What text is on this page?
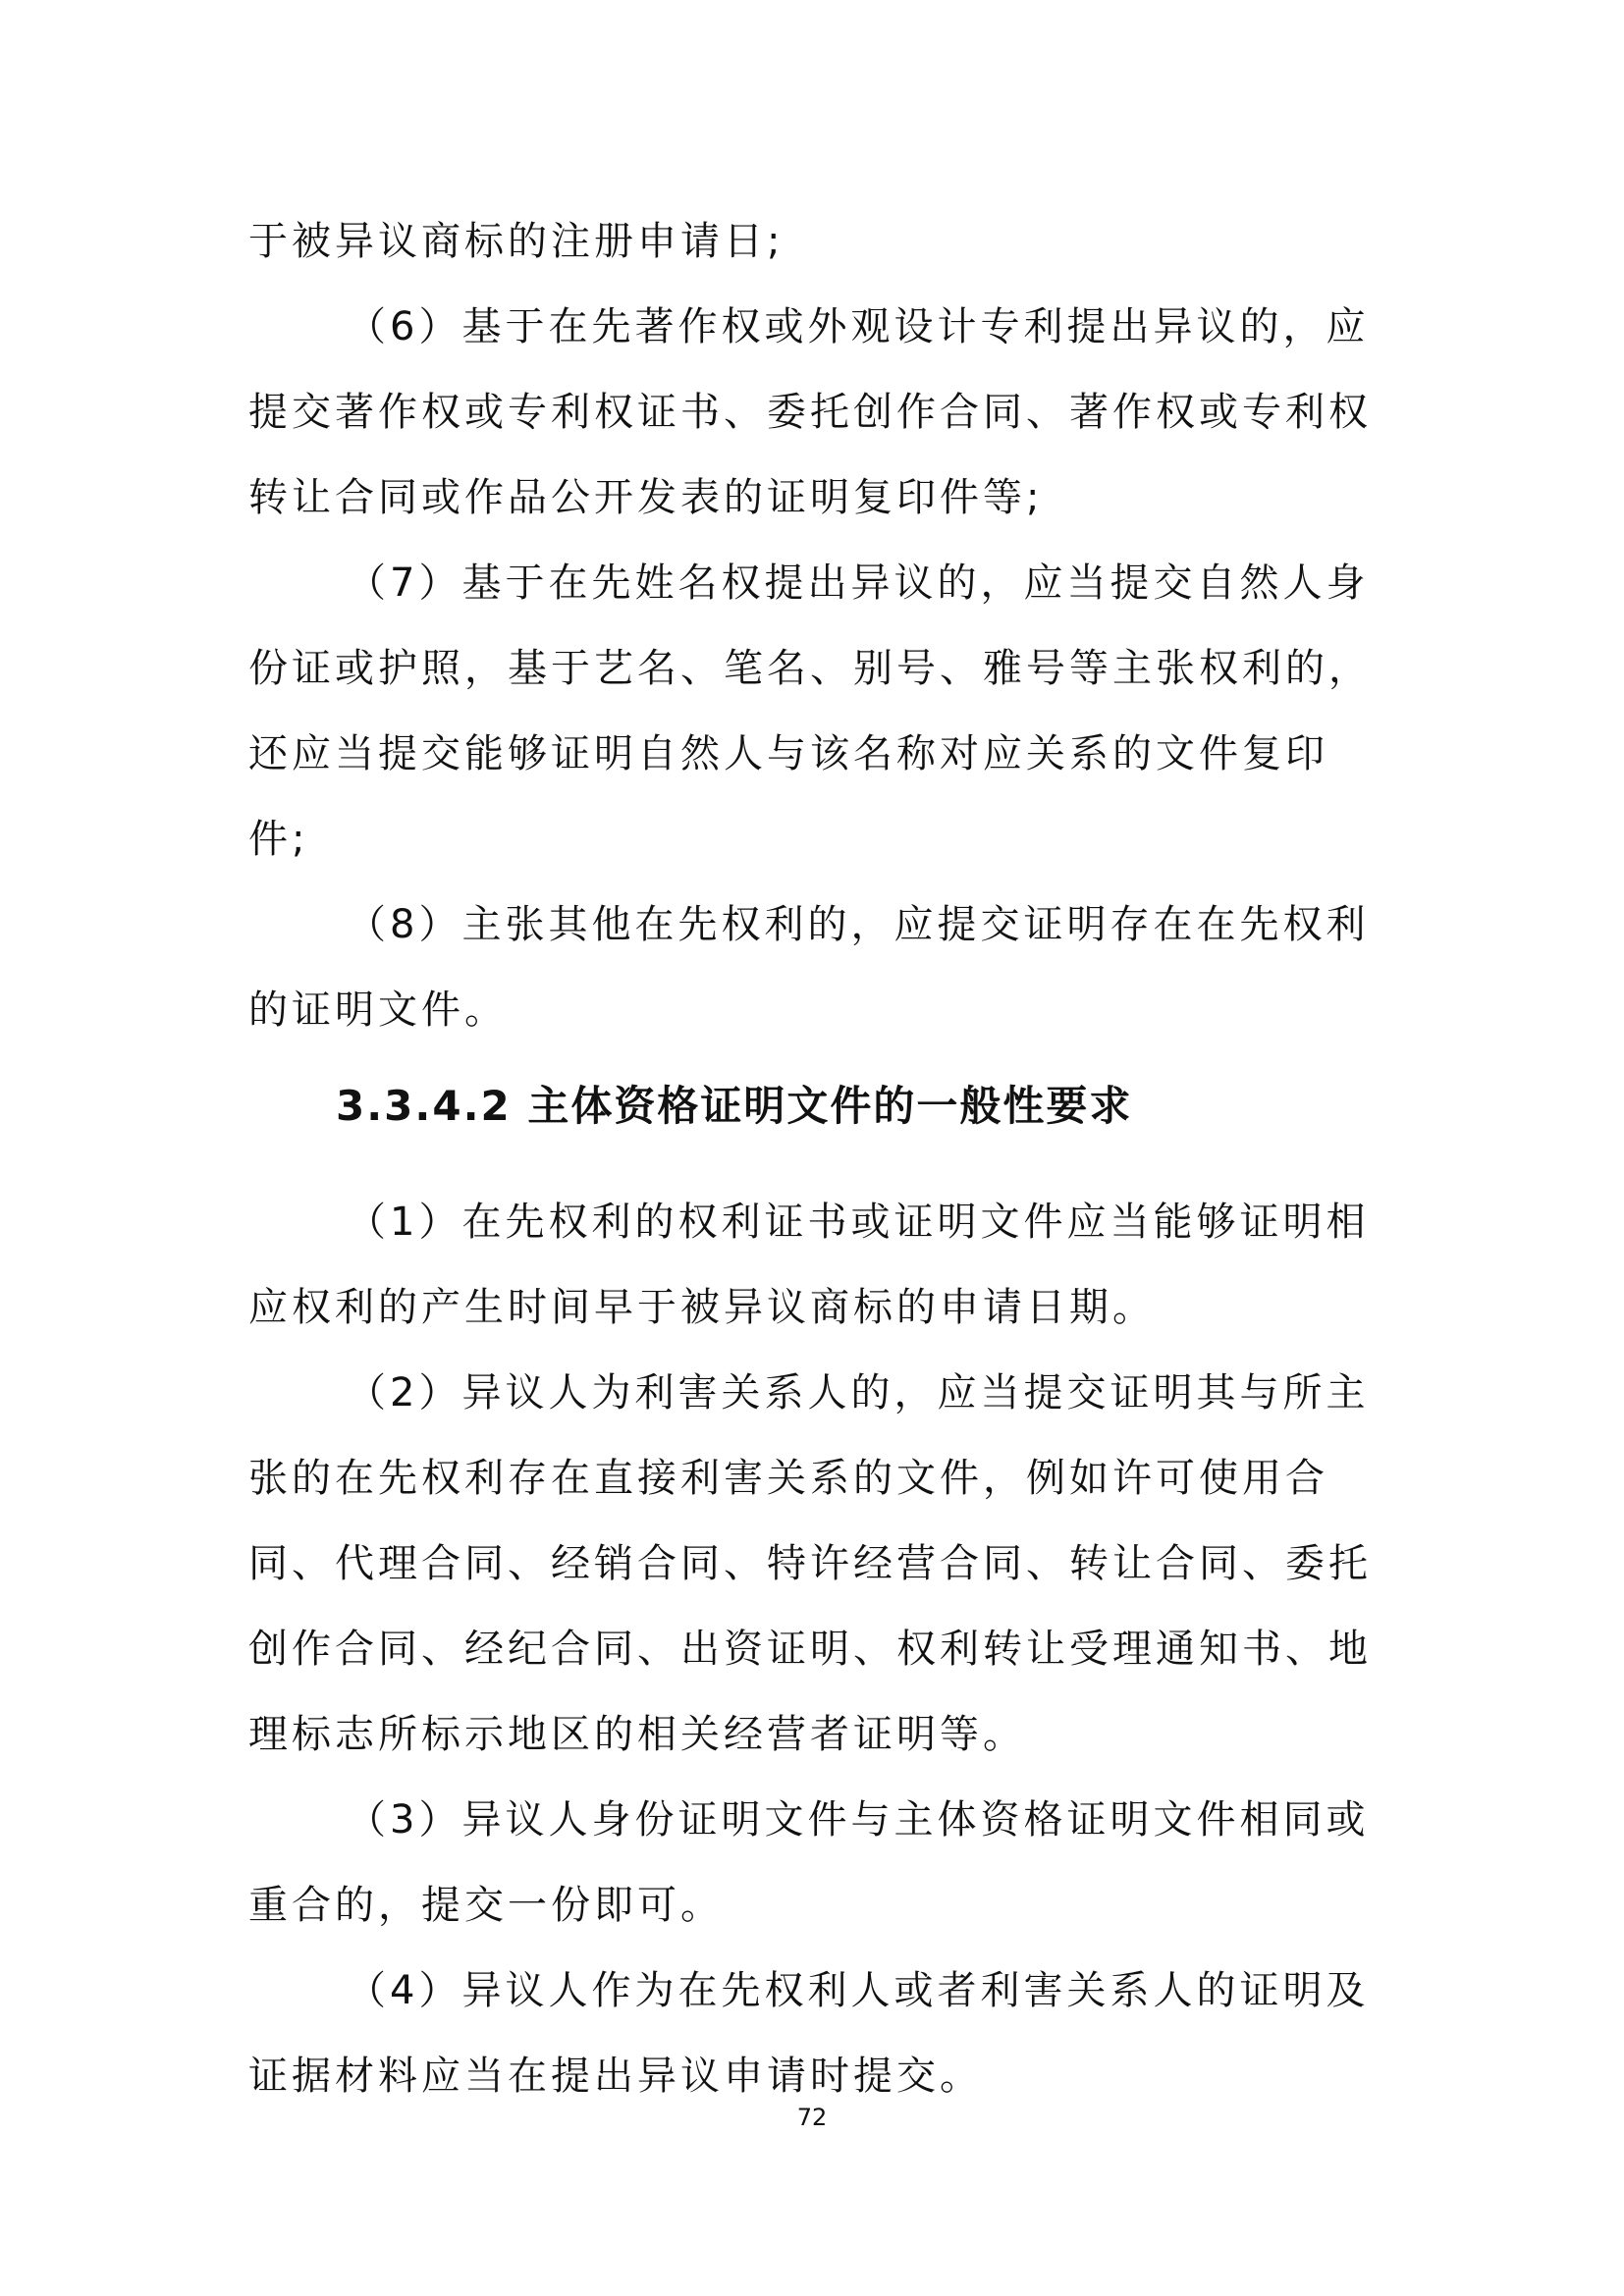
于被异议商标的注册申请日;
（6）基于在先著作权或外观设计专利提出异议的，应
提交著作权或专利权证书、委托创作合同、著作权或专利权
转让合同或作品公开发表的证明复印件等;
（7）基于在先姓名权提出异议的，应当提交自然人身
份证或护照，基于艺名、笔名、别号、雅号等主张权利的，
还应当提交能够证明自然人与该名称对应关系的文件复印
件;
（8）主张其他在先权利的，应提交证明存在在先权利
的证明文件。
3.3.4.2 主体资格证明文件的一般性要求
（1）在先权利的权利证书或证明文件应当能够证明相
应权利的产生时间早于被异议商标的申请日期。
（2）异议人为利害关系人的，应当提交证明其与所主
张的在先权利存在直接利害关系的文件，例如许可使用合
同、代理合同、经销合同、特许经营合同、转让合同、委托
创作合同、经纪合同、出资证明、权利转让受理通知书、地
理标志所标示地区的相关经营者证明等。
（3）异议人身份证明文件与主体资格证明文件相同或
重合的，提交一份即可。
（4）异议人作为在先权利人或者利害关系人的证明及
证据材料应当在提出异议申请时提交。
72
